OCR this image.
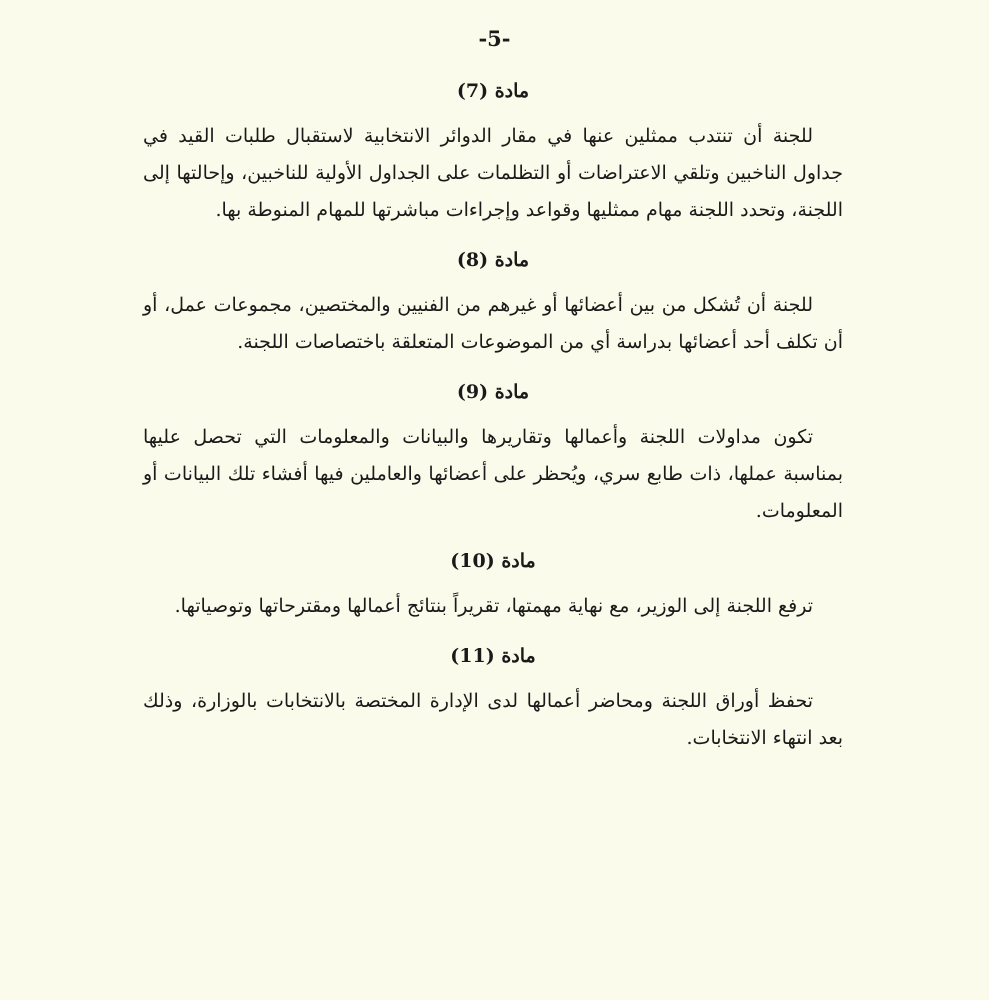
-5-
مادة (7)

للجنة أن تنتدب ممثلين عنها في مقار الدوائر الانتخابية لاستقبال طلبات القيد في جداول الناخبين وتلقي الاعتراضات أو التظلمات على الجداول الأولية للناخبين، وإحالتها إلى اللجنة، وتحدد اللجنة مهام ممثليها وقواعد وإجراءات مباشرتها للمهام المنوطة بها.

مادة (8)

للجنة أن تُشكل من بين أعضائها أو غيرهم من الفنيين والمختصين، مجموعات عمل، أو أن تكلف أحد أعضائها بدراسة أي من الموضوعات المتعلقة باختصاصات اللجنة.

مادة (9)

تكون مداولات اللجنة وأعمالها وتقاريرها والبيانات والمعلومات التي تحصل عليها بمناسبة عملها، ذات طابع سري، ويُحظر على أعضائها والعاملين فيها أفشاء تلك البيانات أو المعلومات.

مادة (10)

ترفع اللجنة إلى الوزير، مع نهاية مهمتها، تقريراً بنتائج أعمالها ومقترحاتها وتوصياتها.

مادة (11)

تحفظ أوراق اللجنة ومحاضر أعمالها لدى الإدارة المختصة بالانتخابات بالوزارة، وذلك بعد انتهاء الانتخابات.
